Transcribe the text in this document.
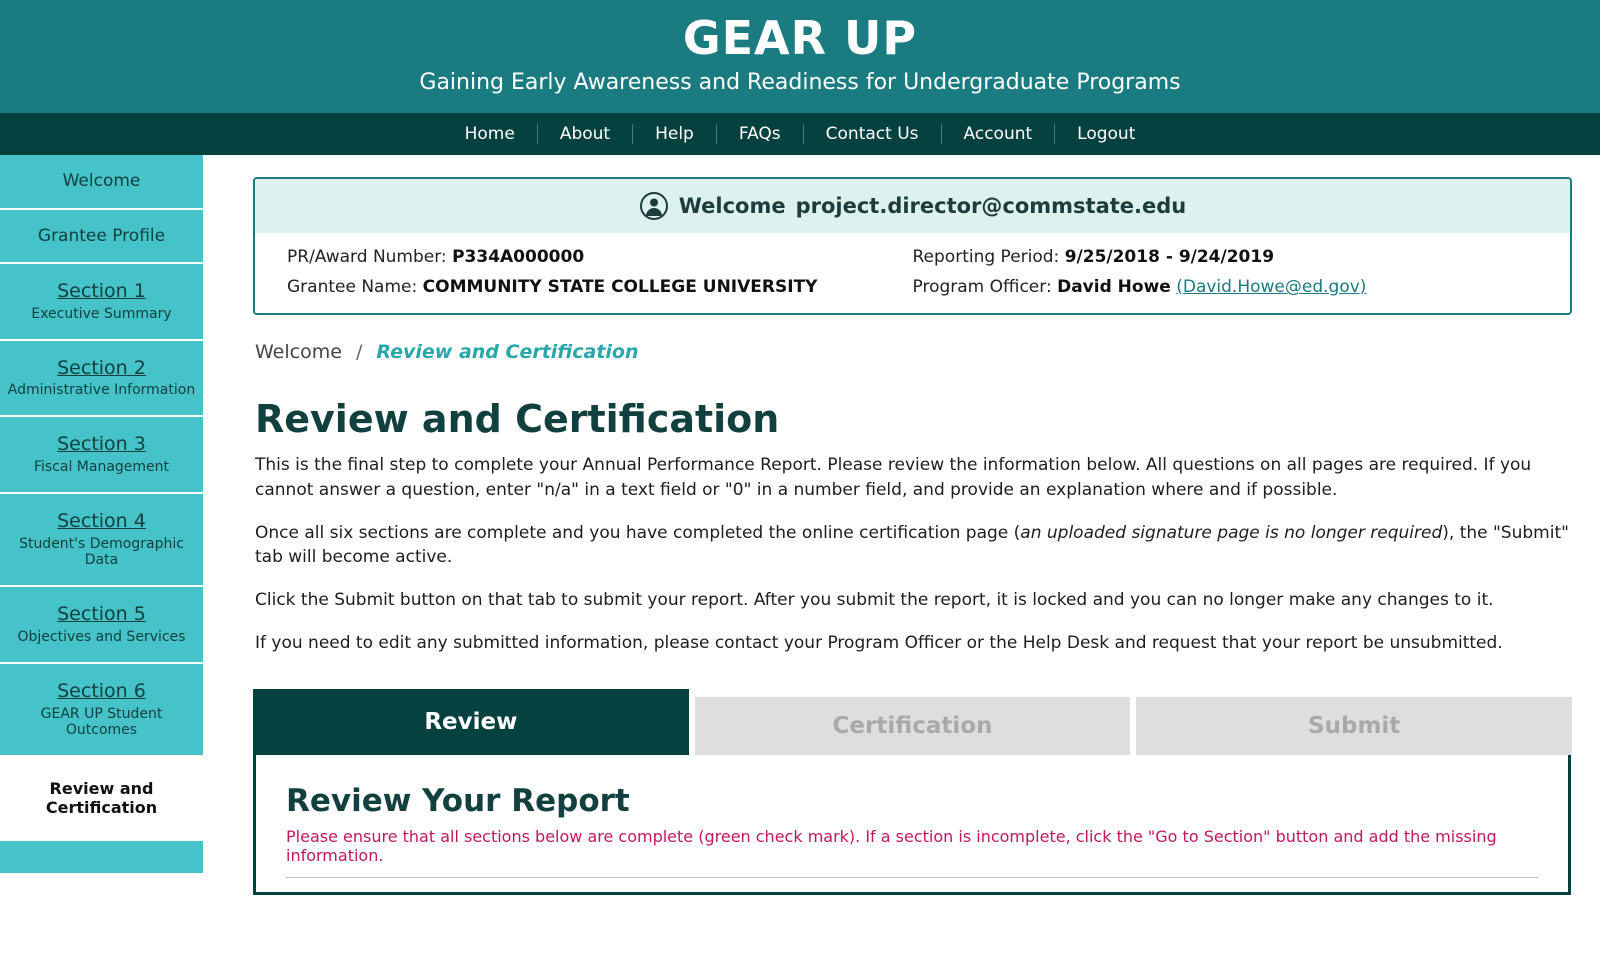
GEAR UP
Gaining Early Awareness and Readiness for Undergraduate Programs
Home	About	Help	FAQs	Contact Us	Account	Logout
Welcome
Grantee Profile
Section 1
Executive Summary
Section 2
Administrative Information
Section 3
Fiscal Management
Section 4
Student's Demographic Data
Section 5
Objectives and Services
Section 6
GEAR UP Student Outcomes
Review and Certification
Welcome project.director@commstate.edu
PR/Award Number: P334A000000	Reporting Period: 9/25/2018 - 9/24/2019
Grantee Name: COMMUNITY STATE COLLEGE UNIVERSITY	Program Officer: David Howe (David.Howe@ed.gov)
Welcome / Review and Certification
Review and Certification

This is the final step to complete your Annual Performance Report. Please review the information below. All questions on all pages are required. If you cannot answer a question, enter "n/a" in a text field or "0" in a number field, and provide an explanation where and if possible.

Once all six sections are complete and you have completed the online certification page (an uploaded signature page is no longer required), the "Submit" tab will become active.

Click the Submit button on that tab to submit your report. After you submit the report, it is locked and you can no longer make any changes to it.

If you need to edit any submitted information, please contact your Program Officer or the Help Desk and request that your report be unsubmitted.

Review	Certification	Submit
Review Your Report
Please ensure that all sections below are complete (green check mark). If a section is incomplete, click the "Go to Section" button and add the missing information.
